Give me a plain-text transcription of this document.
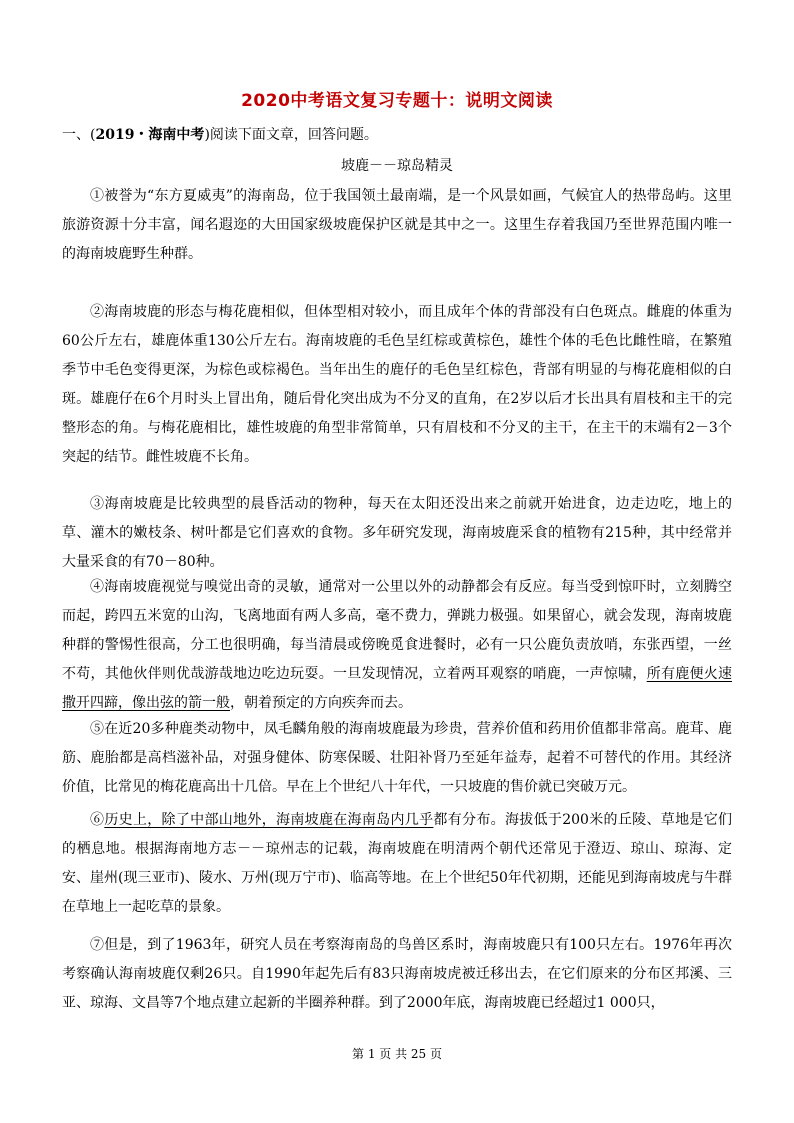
2020中考语文复习专题十：说明文阅读
一、(2019・海南中考)阅读下面文章，回答问题。
坡鹿－－琼岛精灵

①被誉为“东方夏威夷”的海南岛，位于我国领土最南端，是一个风景如画，气候宜人的热带岛屿。这里旅游资源十分丰富，闻名遐迩的大田国家级坡鹿保护区就是其中之一。这里生存着我国乃至世界范围内唯一的海南坡鹿野生种群。

②海南坡鹿的形态与梅花鹿相似，但体型相对较小，而且成年个体的背部没有白色斑点。雌鹿的体重为60公斤左右，雄鹿体重130公斤左右。海南坡鹿的毛色呈红棕或黄棕色，雄性个体的毛色比雌性暗，在繁殖季节中毛色变得更深，为棕色或棕褐色。当年出生的鹿仔的毛色呈红棕色，背部有明显的与梅花鹿相似的白斑。雄鹿仔在6个月时头上冒出角，随后骨化突出成为不分叉的直角，在2岁以后才长出具有眉枝和主干的完整形态的角。与梅花鹿相比，雄性坡鹿的角型非常简单，只有眉枝和不分叉的主干，在主干的末端有2－3个突起的结节。雌性坡鹿不长角。

③海南坡鹿是比较典型的晨昏活动的物种，每天在太阳还没出来之前就开始进食，边走边吃，地上的草、灌木的嫩枝条、树叶都是它们喜欢的食物。多年研究发现，海南坡鹿采食的植物有215种，其中经常并大量采食的有70－80种。

④海南坡鹿视觉与嗅觉出奇的灵敏，通常对一公里以外的动静都会有反应。每当受到惊吓时，立刻腾空而起，跨四五米宽的山沟，飞离地面有两人多高，毫不费力，弹跳力极强。如果留心，就会发现，海南坡鹿种群的警惕性很高，分工也很明确，每当清晨或傍晚觅食进餐时，必有一只公鹿负责放哨，东张西望，一丝不苟，其他伙伴则优哉游哉地边吃边玩耍。一旦发现情况，立着两耳观察的哨鹿，一声惊啸，所有鹿便火速撒开四蹄，像出弦的箭一般，朝着预定的方向疾奔而去。

⑤在近20多种鹿类动物中，凤毛麟角般的海南坡鹿最为珍贵，营养价值和药用价值都非常高。鹿茸、鹿筋、鹿胎都是高档滋补品，对强身健体、防寒保暖、壮阳补肾乃至延年益寿，起着不可替代的作用。其经济价值，比常见的梅花鹿高出十几倍。早在上个世纪八十年代，一只坡鹿的售价就已突破万元。

⑥历史上，除了中部山地外，海南坡鹿在海南岛内几乎都有分布。海拔低于200米的丘陵、草地是它们的栖息地。根据海南地方志－－琼州志的记载，海南坡鹿在明清两个朝代还常见于澄迈、琼山、琼海、定安、崖州(现三亚市)、陵水、万州(现万宁市)、临高等地。在上个世纪50年代初期，还能见到海南坡虎与牛群在草地上一起吃草的景象。

⑦但是，到了1963年，研究人员在考察海南岛的鸟兽区系时，海南坡鹿只有100只左右。1976年再次考察确认海南坡鹿仅剩26只。自1990年起先后有83只海南坡虎被迁移出去，在它们原来的分布区邦溪、三亚、琼海、文昌等7个地点建立起新的半圈养种群。到了2000年底，海南坡鹿已经超过1 000只，

第 1 页 共 25 页
